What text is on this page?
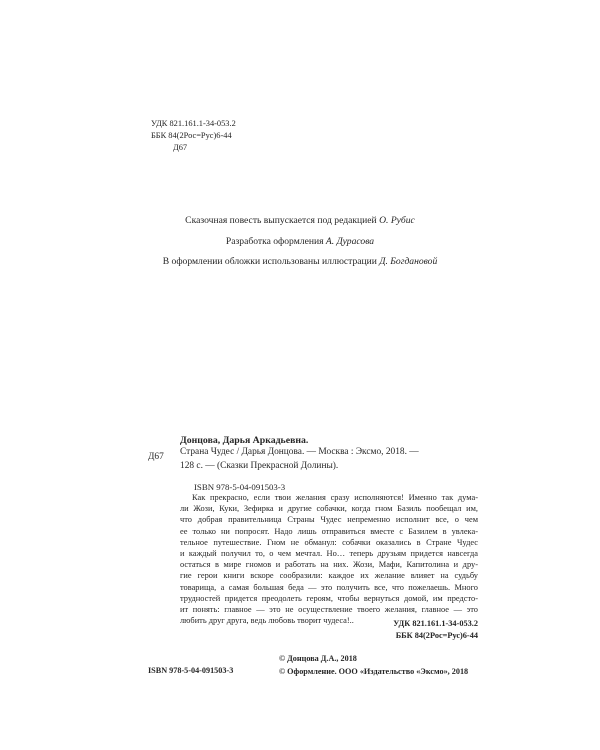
УДК 821.161.1-34-053.2
ББК 84(2Рос=Рус)6-44
Д67
Сказочная повесть выпускается под редакцией О. Рубис
Разработка оформления А. Дурасова
В оформлении обложки использованы иллюстрации Д. Богдановой
Донцова, Дарья Аркадьевна.
Д67 Страна Чудес / Дарья Донцова. — Москва : Эксмо, 2018. —
128 с. — (Сказки Прекрасной Долины).
ISBN 978-5-04-091503-3
Как прекрасно, если твои желания сразу исполняются! Именно так дума-
ли Жози, Куки, Зефирка и другие собачки, когда гном Базиль пообещал им,
что добрая правительница Страны Чудес непременно исполнит все, о чем
ее только ни попросят. Надо лишь отправиться вместе с Базилем в увлека-
тельное путешествие. Гном не обманул: собачки оказались в Стране Чудес
и каждый получил то, о чем мечтал. Но… теперь друзьям придется навсегда
остаться в мире гномов и работать на них. Жози, Мафи, Капитолина и дру-
гие герои книги вскоре сообразили: каждое их желание влияет на судьбу
товарища, а самая большая беда — это получить все, что пожелаешь. Много
трудностей придется преодолеть героям, чтобы вернуться домой, им предсто-
ит понять: главное — это не осуществление твоего желания, главное — это
любить друг друга, ведь любовь творит чудеса!..	УДК 821.161.1-34-053.2
ББК 84(2Рос=Рус)6-44
ISBN 978-5-04-091503-3
© Донцова Д.А., 2018
© Оформление. ООО «Издательство «Эксмо», 2018
